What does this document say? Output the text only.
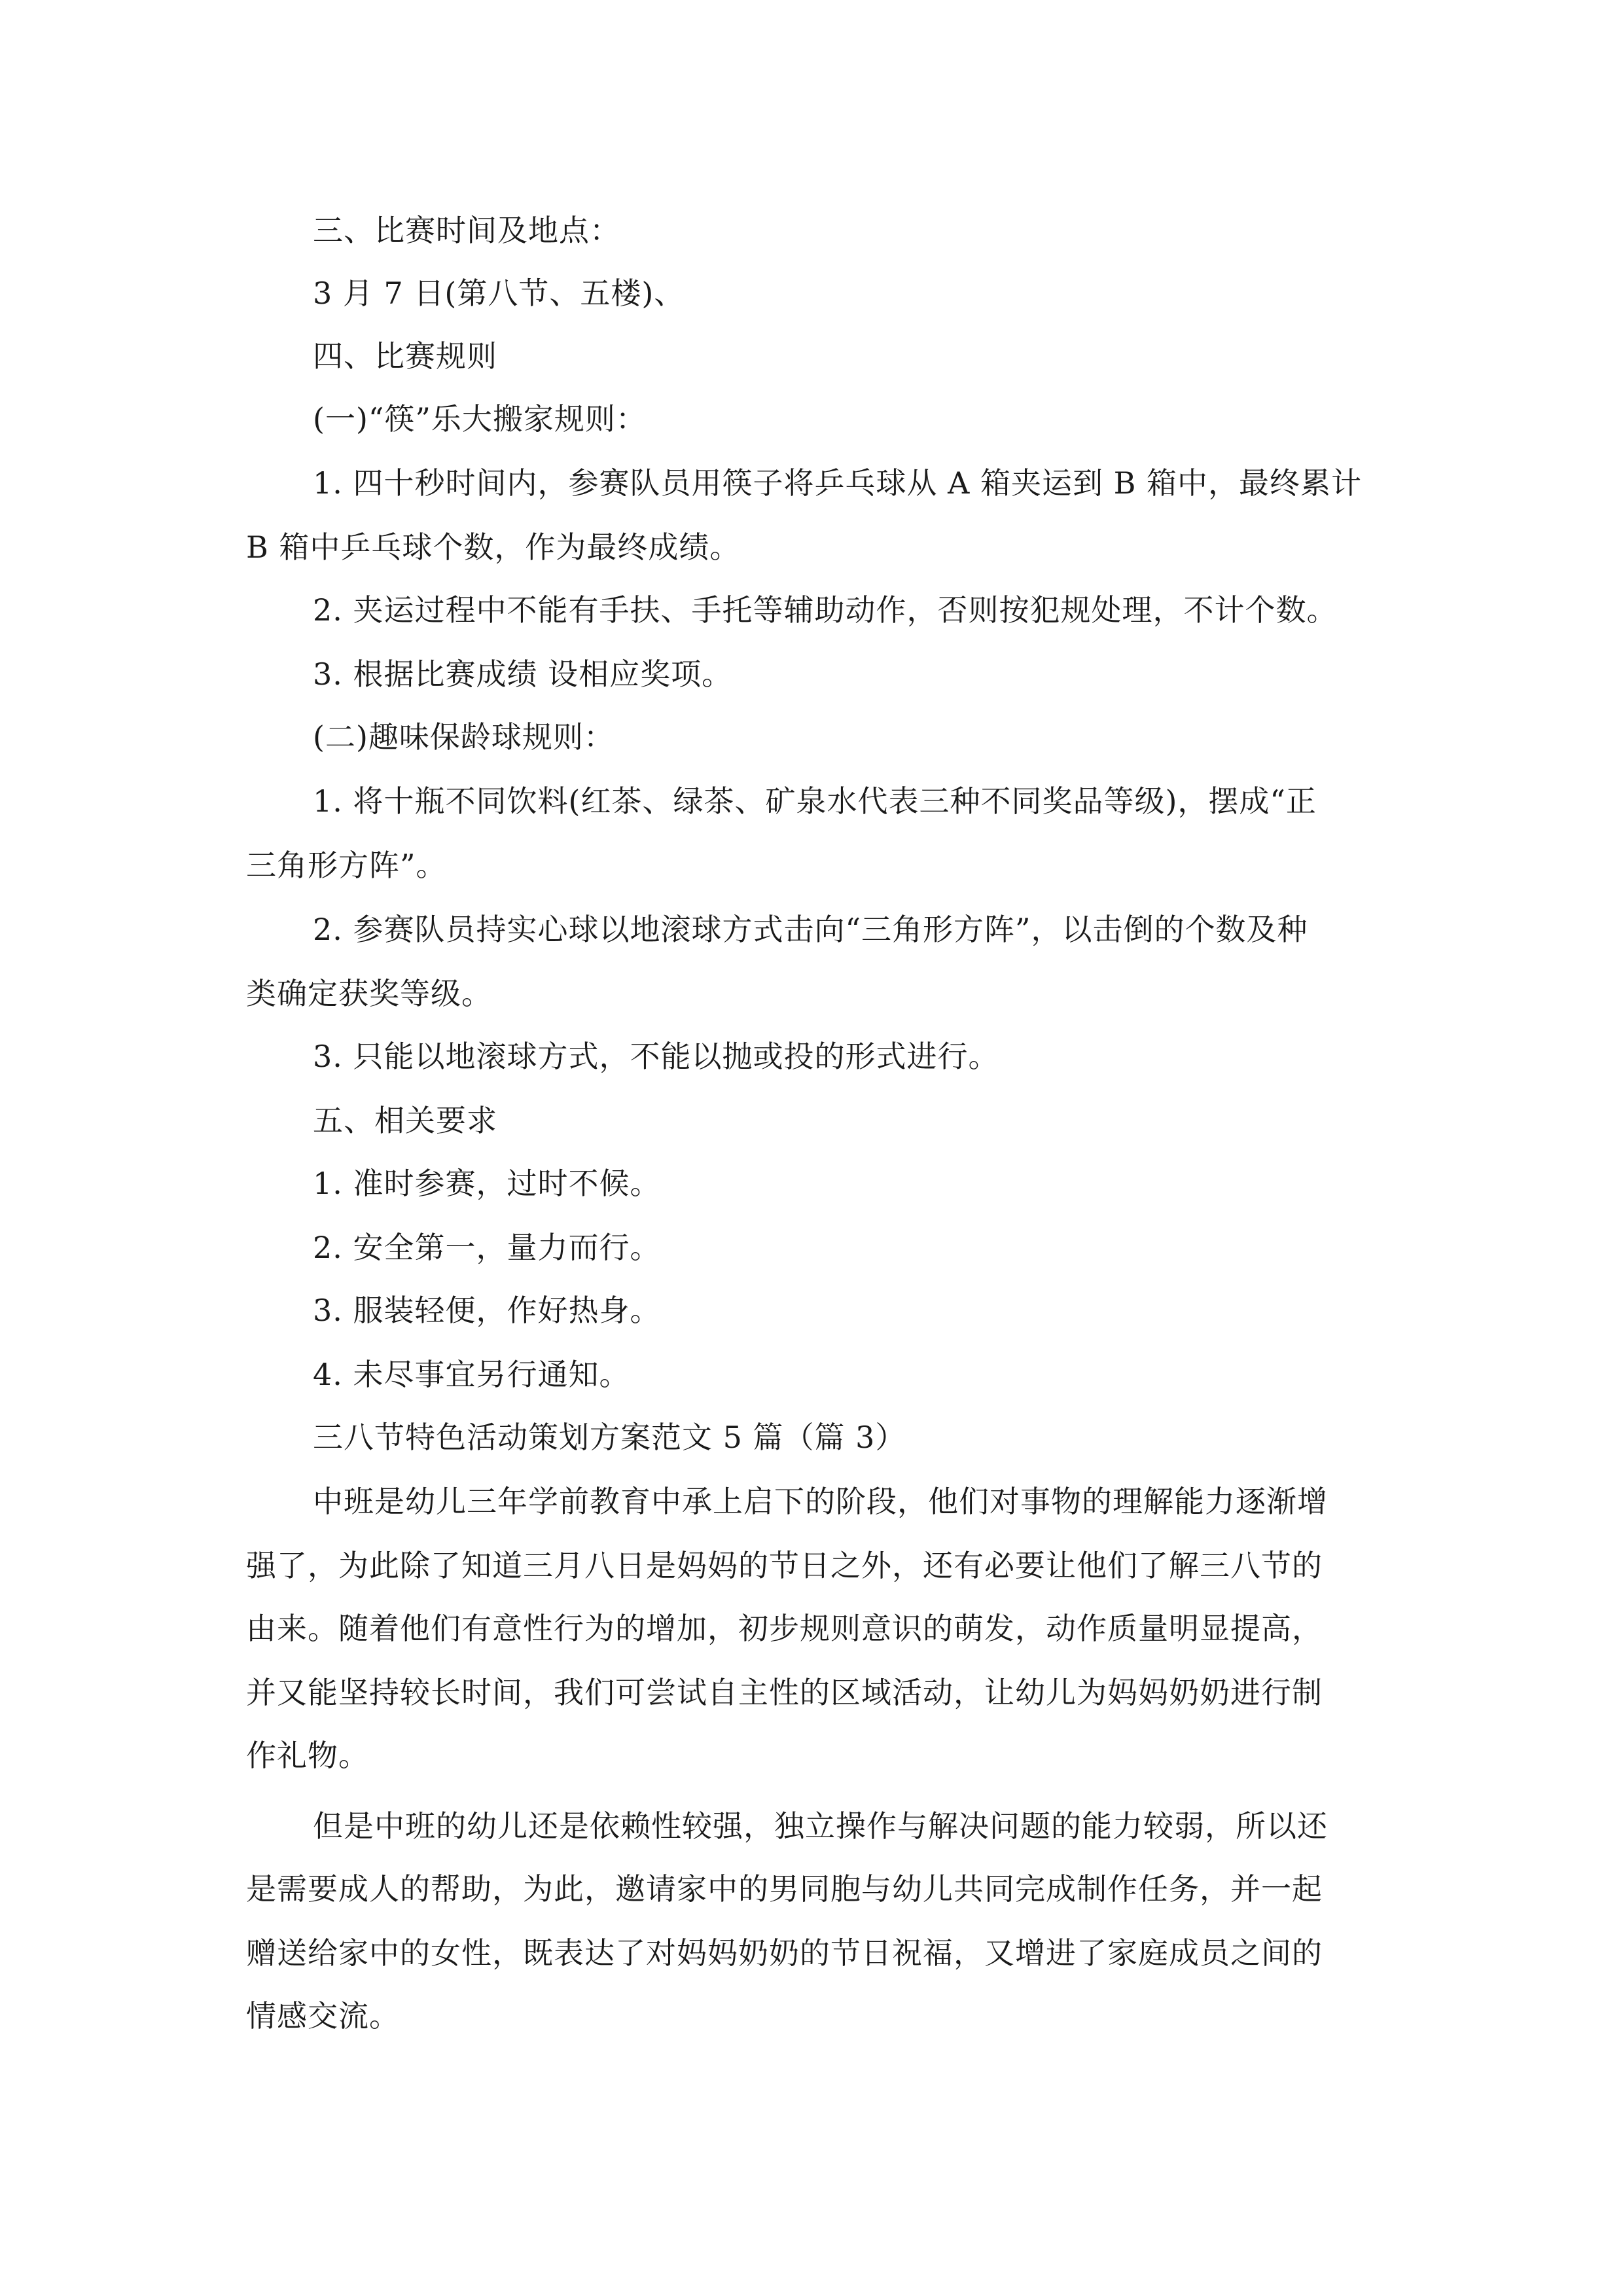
三、比赛时间及地点：
3 月 7 日(第八节、五楼)、
四、比赛规则
(一)“筷”乐大搬家规则：
1. 四十秒时间内，参赛队员用筷子将乒乓球从 A 箱夹运到 B 箱中，最终累计
B 箱中乒乓球个数，作为最终成绩。
2. 夹运过程中不能有手扶、手托等辅助动作，否则按犯规处理，不计个数。
3. 根据比赛成绩 设相应奖项。
(二)趣味保龄球规则：
1. 将十瓶不同饮料(红茶、绿茶、矿泉水代表三种不同奖品等级)，摆成“正
三角形方阵”。
2. 参赛队员持实心球以地滚球方式击向“三角形方阵”，以击倒的个数及种
类确定获奖等级。
3. 只能以地滚球方式，不能以抛或投的形式进行。
五、相关要求
1. 准时参赛，过时不候。
2. 安全第一，量力而行。
3. 服装轻便，作好热身。
4. 未尽事宜另行通知。
三八节特色活动策划方案范文 5 篇（篇 3）
中班是幼儿三年学前教育中承上启下的阶段，他们对事物的理解能力逐渐增
强了，为此除了知道三月八日是妈妈的节日之外，还有必要让他们了解三八节的
由来。随着他们有意性行为的增加，初步规则意识的萌发，动作质量明显提高，
并又能坚持较长时间，我们可尝试自主性的区域活动，让幼儿为妈妈奶奶进行制
作礼物。
但是中班的幼儿还是依赖性较强，独立操作与解决问题的能力较弱，所以还
是需要成人的帮助，为此，邀请家中的男同胞与幼儿共同完成制作任务，并一起
赠送给家中的女性，既表达了对妈妈奶奶的节日祝福，又增进了家庭成员之间的
情感交流。
